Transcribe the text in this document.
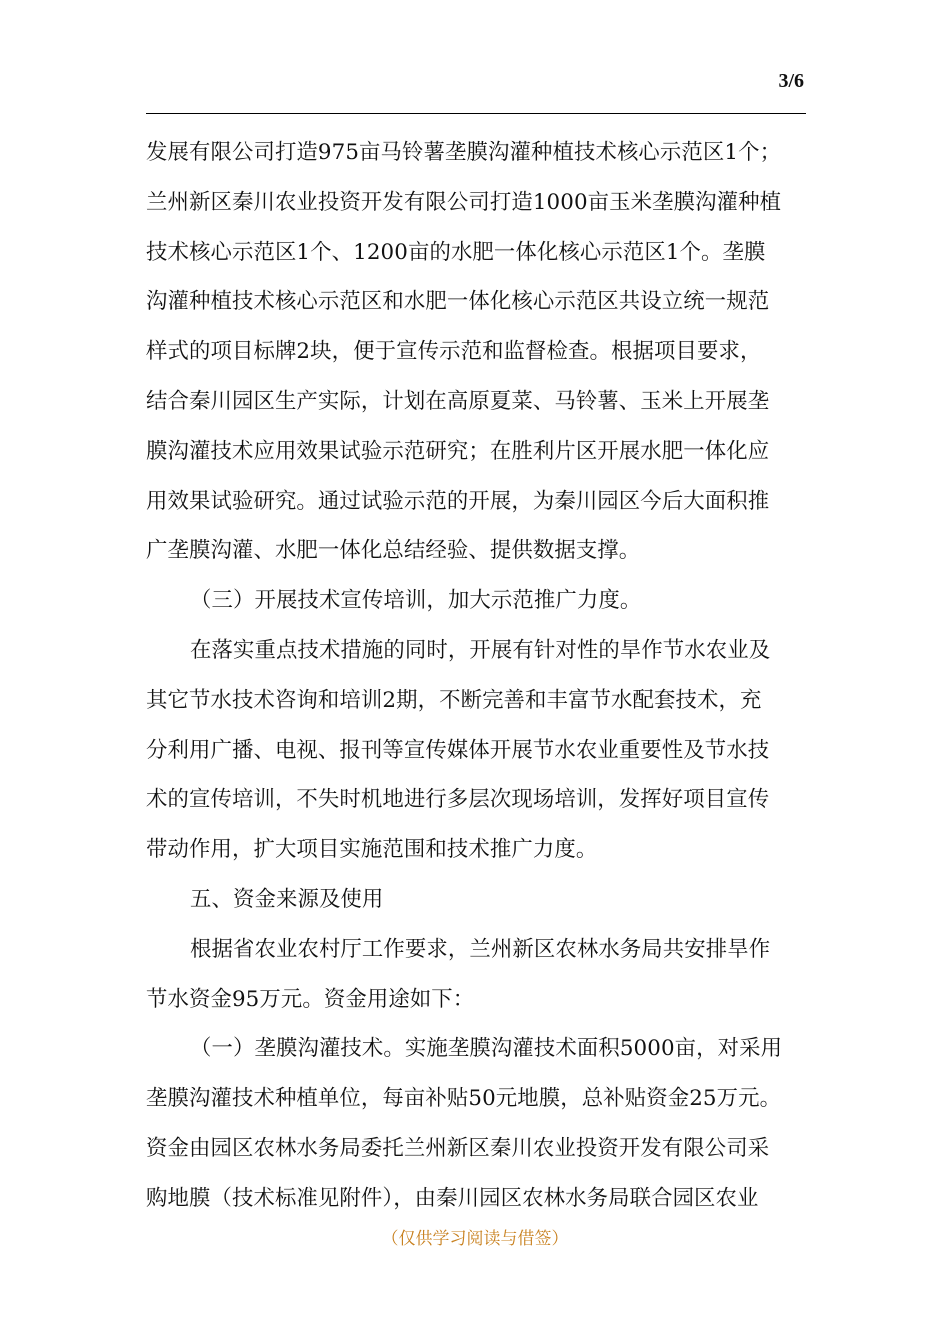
3/6
发展有限公司打造975亩马铃薯垄膜沟灌种植技术核心示范区1个；
兰州新区秦川农业投资开发有限公司打造1000亩玉米垄膜沟灌种植
技术核心示范区1个、1200亩的水肥一体化核心示范区1个。垄膜
沟灌种植技术核心示范区和水肥一体化核心示范区共设立统一规范
样式的项目标牌2块，便于宣传示范和监督检查。根据项目要求，
结合秦川园区生产实际，计划在高原夏菜、马铃薯、玉米上开展垄
膜沟灌技术应用效果试验示范研究；在胜利片区开展水肥一体化应
用效果试验研究。通过试验示范的开展，为秦川园区今后大面积推
广垄膜沟灌、水肥一体化总结经验、提供数据支撑。
（三）开展技术宣传培训，加大示范推广力度。
在落实重点技术措施的同时，开展有针对性的旱作节水农业及
其它节水技术咨询和培训2期，不断完善和丰富节水配套技术，充
分利用广播、电视、报刊等宣传媒体开展节水农业重要性及节水技
术的宣传培训，不失时机地进行多层次现场培训，发挥好项目宣传
带动作用，扩大项目实施范围和技术推广力度。
五、资金来源及使用
根据省农业农村厅工作要求，兰州新区农林水务局共安排旱作
节水资金95万元。资金用途如下：
（一）垄膜沟灌技术。实施垄膜沟灌技术面积5000亩，对采用
垄膜沟灌技术种植单位，每亩补贴50元地膜，总补贴资金25万元。
资金由园区农林水务局委托兰州新区秦川农业投资开发有限公司采
购地膜（技术标准见附件），由秦川园区农林水务局联合园区农业
（仅供学习阅读与借签）
